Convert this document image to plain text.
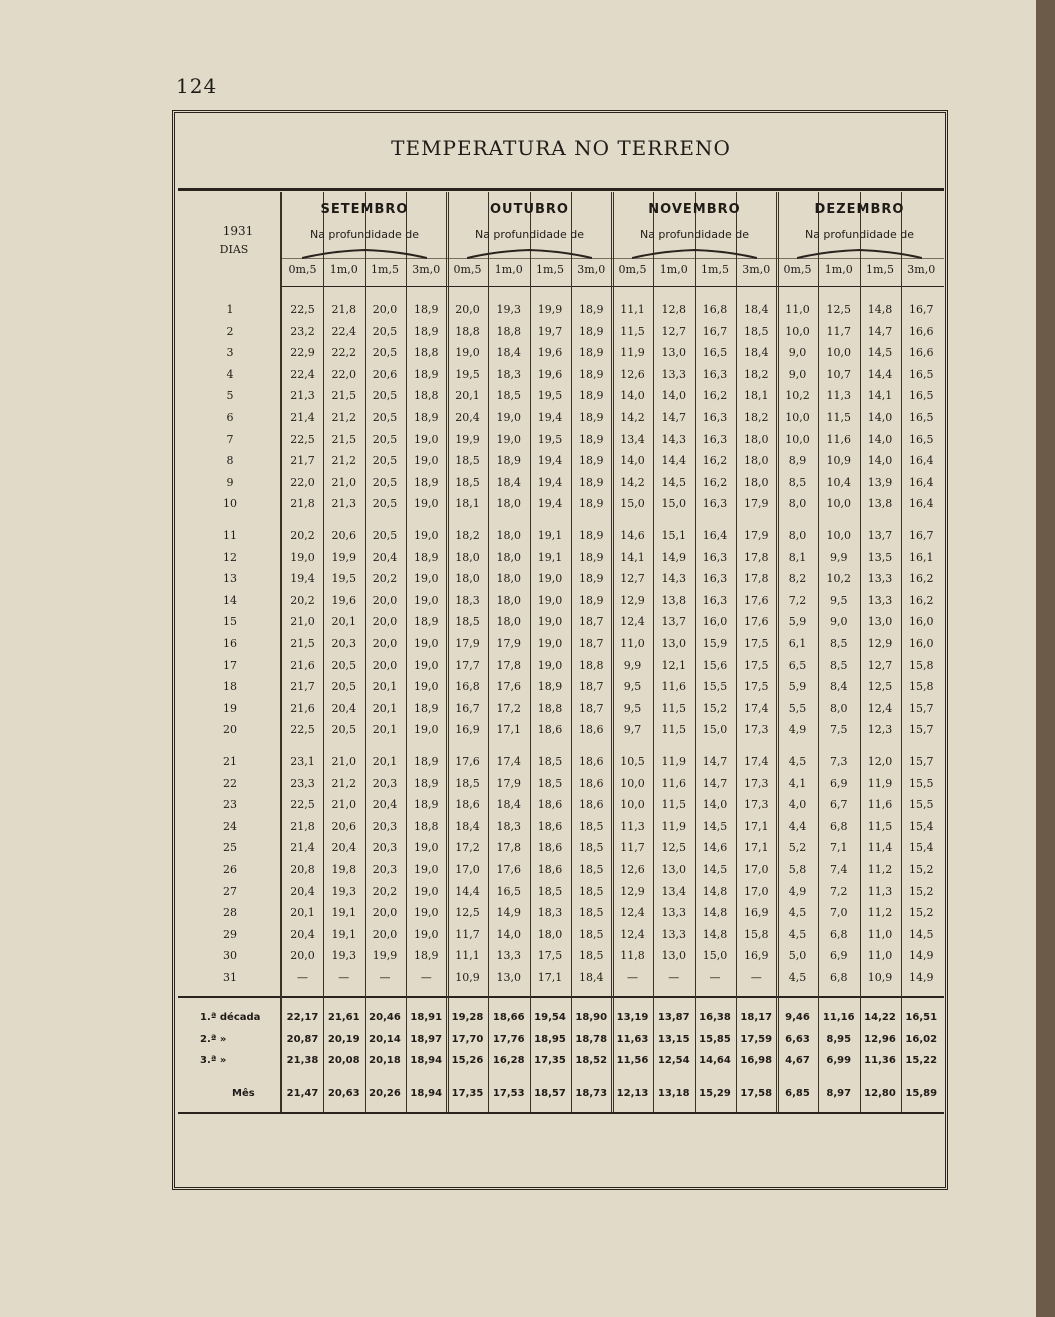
124
TEMPERATURA NO TERRENO
SETEMBRO
Na profundidade de
0m,5	1m,0	1m,5	3m,0
OUTUBRO
Na profundidade de
0m,5	1m,0	1m,5	3m,0
NOVEMBRO
Na profundidade de
0m,5	1m,0	1m,5	3m,0
DEZEMBRO
Na profundidade de
0m,5	1m,0	1m,5	3m,0
1	22,5	21,8	20,0	18,9	20,0	19,3	19,9	18,9	11,1	12,8	16,8	18,4	11,0	12,5	14,8	16,7
2	23,2	22,4	20,5	18,9	18,8	18,8	19,7	18,9	11,5	12,7	16,7	18,5	10,0	11,7	14,7	16,6
3	22,9	22,2	20,5	18,8	19,0	18,4	19,6	18,9	11,9	13,0	16,5	18,4	9,0	10,0	14,5	16,6
4	22,4	22,0	20,6	18,9	19,5	18,3	19,6	18,9	12,6	13,3	16,3	18,2	9,0	10,7	14,4	16,5
5	21,3	21,5	20,5	18,8	20,1	18,5	19,5	18,9	14,0	14,0	16,2	18,1	10,2	11,3	14,1	16,5
6	21,4	21,2	20,5	18,9	20,4	19,0	19,4	18,9	14,2	14,7	16,3	18,2	10,0	11,5	14,0	16,5
7	22,5	21,5	20,5	19,0	19,9	19,0	19,5	18,9	13,4	14,3	16,3	18,0	10,0	11,6	14,0	16,5
8	21,7	21,2	20,5	19,0	18,5	18,9	19,4	18,9	14,0	14,4	16,2	18,0	8,9	10,9	14,0	16,4
9	22,0	21,0	20,5	18,9	18,5	18,4	19,4	18,9	14,2	14,5	16,2	18,0	8,5	10,4	13,9	16,4
10	21,8	21,3	20,5	19,0	18,1	18,0	19,4	18,9	15,0	15,0	16,3	17,9	8,0	10,0	13,8	16,4
11	20,2	20,6	20,5	19,0	18,2	18,0	19,1	18,9	14,6	15,1	16,4	17,9	8,0	10,0	13,7	16,7
12	19,0	19,9	20,4	18,9	18,0	18,0	19,1	18,9	14,1	14,9	16,3	17,8	8,1	9,9	13,5	16,1
13	19,4	19,5	20,2	19,0	18,0	18,0	19,0	18,9	12,7	14,3	16,3	17,8	8,2	10,2	13,3	16,2
14	20,2	19,6	20,0	19,0	18,3	18,0	19,0	18,9	12,9	13,8	16,3	17,6	7,2	9,5	13,3	16,2
15	21,0	20,1	20,0	18,9	18,5	18,0	19,0	18,7	12,4	13,7	16,0	17,6	5,9	9,0	13,0	16,0
16	21,5	20,3	20,0	19,0	17,9	17,9	19,0	18,7	11,0	13,0	15,9	17,5	6,1	8,5	12,9	16,0
17	21,6	20,5	20,0	19,0	17,7	17,8	19,0	18,8	9,9	12,1	15,6	17,5	6,5	8,5	12,7	15,8
18	21,7	20,5	20,1	19,0	16,8	17,6	18,9	18,7	9,5	11,6	15,5	17,5	5,9	8,4	12,5	15,8
19	21,6	20,4	20,1	18,9	16,7	17,2	18,8	18,7	9,5	11,5	15,2	17,4	5,5	8,0	12,4	15,7
20	22,5	20,5	20,1	19,0	16,9	17,1	18,6	18,6	9,7	11,5	15,0	17,3	4,9	7,5	12,3	15,7
21	23,1	21,0	20,1	18,9	17,6	17,4	18,5	18,6	10,5	11,9	14,7	17,4	4,5	7,3	12,0	15,7
22	23,3	21,2	20,3	18,9	18,5	17,9	18,5	18,6	10,0	11,6	14,7	17,3	4,1	6,9	11,9	15,5
23	22,5	21,0	20,4	18,9	18,6	18,4	18,6	18,6	10,0	11,5	14,0	17,3	4,0	6,7	11,6	15,5
24	21,8	20,6	20,3	18,8	18,4	18,3	18,6	18,5	11,3	11,9	14,5	17,1	4,4	6,8	11,5	15,4
25	21,4	20,4	20,3	19,0	17,2	17,8	18,6	18,5	11,7	12,5	14,6	17,1	5,2	7,1	11,4	15,4
26	20,8	19,8	20,3	19,0	17,0	17,6	18,6	18,5	12,6	13,0	14,5	17,0	5,8	7,4	11,2	15,2
27	20,4	19,3	20,2	19,0	14,4	16,5	18,5	18,5	12,9	13,4	14,8	17,0	4,9	7,2	11,3	15,2
28	20,1	19,1	20,0	19,0	12,5	14,9	18,3	18,5	12,4	13,3	14,8	16,9	4,5	7,0	11,2	15,2
29	20,4	19,1	20,0	19,0	11,7	14,0	18,0	18,5	12,4	13,3	14,8	15,8	4,5	6,8	11,0	14,5
30	20,0	19,3	19,9	18,9	11,1	13,3	17,5	18,5	11,8	13,0	15,0	16,9	5,0	6,9	11,0	14,9
31	—	—	—	—	10,9	13,0	17,1	18,4	—	—	—	—	4,5	6,8	10,9	14,9
1.ª década	22,17 21,61 20,46 18,91 19,28 18,66 19,54 18,90 13,19 13,87 16,38 18,17	9,46	11,16 14,22 16,51
2.ª »	20,87 20,19 20,14 18,97 17,70 17,76 18,95 18,78 11,63 13,15 15,85 17,59	6,63	8,95	12,96 16,02
3.ª »	21,38 20,08 20,18 18,94 15,26 16,28 17,35 18,52 11,56 12,54 14,64 16,98	4,67	6,99	11,36 15,22
Mês	21,47 20,63 20,26 18,94 17,35 17,53 18,57 18,73 12,13 13,18 15,29 17,58	6,85	8,97	12,80 15,89
1931
DIAS
